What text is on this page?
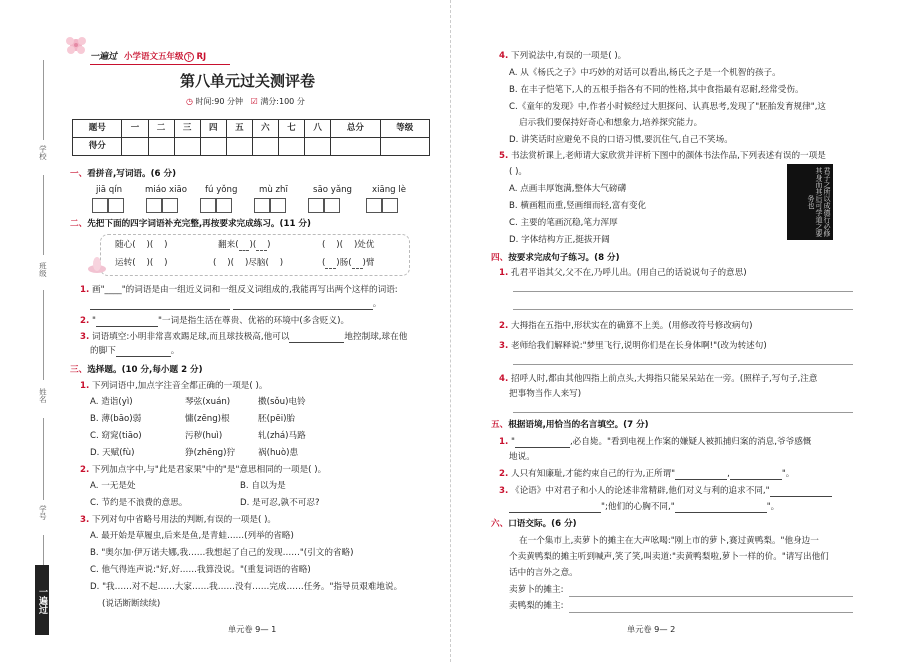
学校
班级
姓名
学号
一遍过
一遍过 小学语文五年级 下 RJ
第八单元过关测评卷
◷ 时间:90 分钟 ☑ 满分:100 分
题号	一	二	三	四	五	六	七	八	总分	等级
得分										
一、看拼音,写词语。(6 分)
jiā qín	miáo xiāo fú yǒng	mù zhī	sāo yǎng xiāng lè
二、先把下面的四字词语补充完整,再按要求完成练习。(11 分)
随心( )( )	翻来( )( )	( )( )处优
运转( )( )	( )( )尽脑( )	( )肠( )臂
1. 画"____"的词语是由一组近义词和一组反义词组成的,我能再写出两个这样的词语:
。
2. "	"一词是指生活在尊贵、优裕的环境中(多含贬义)。
3. 词语填空:小明非常喜欢踢足球,而且球技极高,他可以	地控制球,球在他
的脚下	。
三、选择题。(10 分,每小题 2 分)
1. 下列词语中,加点字注音全都正确的一项是( )。
A. 造诣(yì)	琴弦(xuán)	擞(sǒu)电铃
B. 薄(bāo)弱	慵(zēng)根	胚(pēi)胎
C. 窈窕(tiāo)	污秽(huì)	轧(zhá)马路
D. 天赋(fù)	狰(zhēng)狞	祸(huò)患
2. 下列加点字中,与"此是君家果"中的"是"意思相同的一项是( )。
A. 一无是处	B. 自以为是
C. 节约是不浪费的意思。	D. 是可忍,孰不可忍?
3. 下列对句中省略号用法的判断,有误的一项是( )。
A. 最开始是草履虫,后来是鱼,是青蛙……(列举的省略)
B. "奥尔加·伊万诺夫娜,我……我想起了自己的发现……"(引文的省略)
C. 他气得连声说:"好,好……我算没说。"(重复词语的省略)
D. "我……对不起……大家……我……没有……完成……任务。"指导员艰难地说。
(说话断断续续)
单元卷 9— 1
4. 下列说法中,有误的一项是( )。
A. 从《杨氏之子》中巧妙的对话可以看出,杨氏之子是一个机智的孩子。
B. 在丰子恺笔下,人的五根手指各有不同的性格,其中食指最有忍耐,经常受伤。
C.《童年的发现》中,作者小时候经过大胆探问、认真思考,发现了"胚胎发育规律",这
启示我们要保持好奇心和想象力,培养探究能力。
D. 讲笑话时应避免不良的口语习惯,要沉住气,自己不笑场。
5. 书法赏析课上,老师请大家欣赏并评析下图中的颜体书法作品,下列表述有误的一项是
( )。
A. 点画丰厚饱满,整体大气磅礴
B. 横画粗而重,竖画细而轻,富有变化
C. 主要的笔画沉稳,笔力浑厚
D. 字体结构方正,挺拔开阔
君子之所以成德行必修其身而其后可学道之要务也
四、按要求完成句子练习。(8 分)
1. 孔君平诣其父,父不在,乃呼儿出。(用自己的话说说句子的意思)
2. 大拇指在五指中,形状实在的确算不上美。(用修改符号修改病句)
3. 老师给我们解释说:"梦里飞行,说明你们是在长身体啊!"(改为转述句)
4. 招呼人时,都由其他四指上前点头,大拇指只能呆呆站在一旁。(照样子,写句子,注意
把事物当作人来写)
五、根据语境,用恰当的名言填空。(7 分)
1. "	,必自毙。"看到电视上作案的嫌疑人被抓捕归案的消息,爷爷感慨
地说。
2. 人只有知廉耻,才能约束自己的行为,正所谓"	,	"。
3. 《论语》中对君子和小人的论述非常精辟,他们对义与利的追求不同,"
";他们的心胸不同,"	"。
六、口语交际。(6 分)
在一个集市上,卖萝卜的摊主在大声吆喝:"刚上市的萝卜,赛过黄鸭梨。"他身边一
个卖黄鸭梨的摊主听到喊声,笑了笑,叫卖道:"卖黄鸭梨啦,萝卜一样的价。"请写出他们
话中的言外之意。
卖萝卜的摊主:
卖鸭梨的摊主:
单元卷 9— 2
